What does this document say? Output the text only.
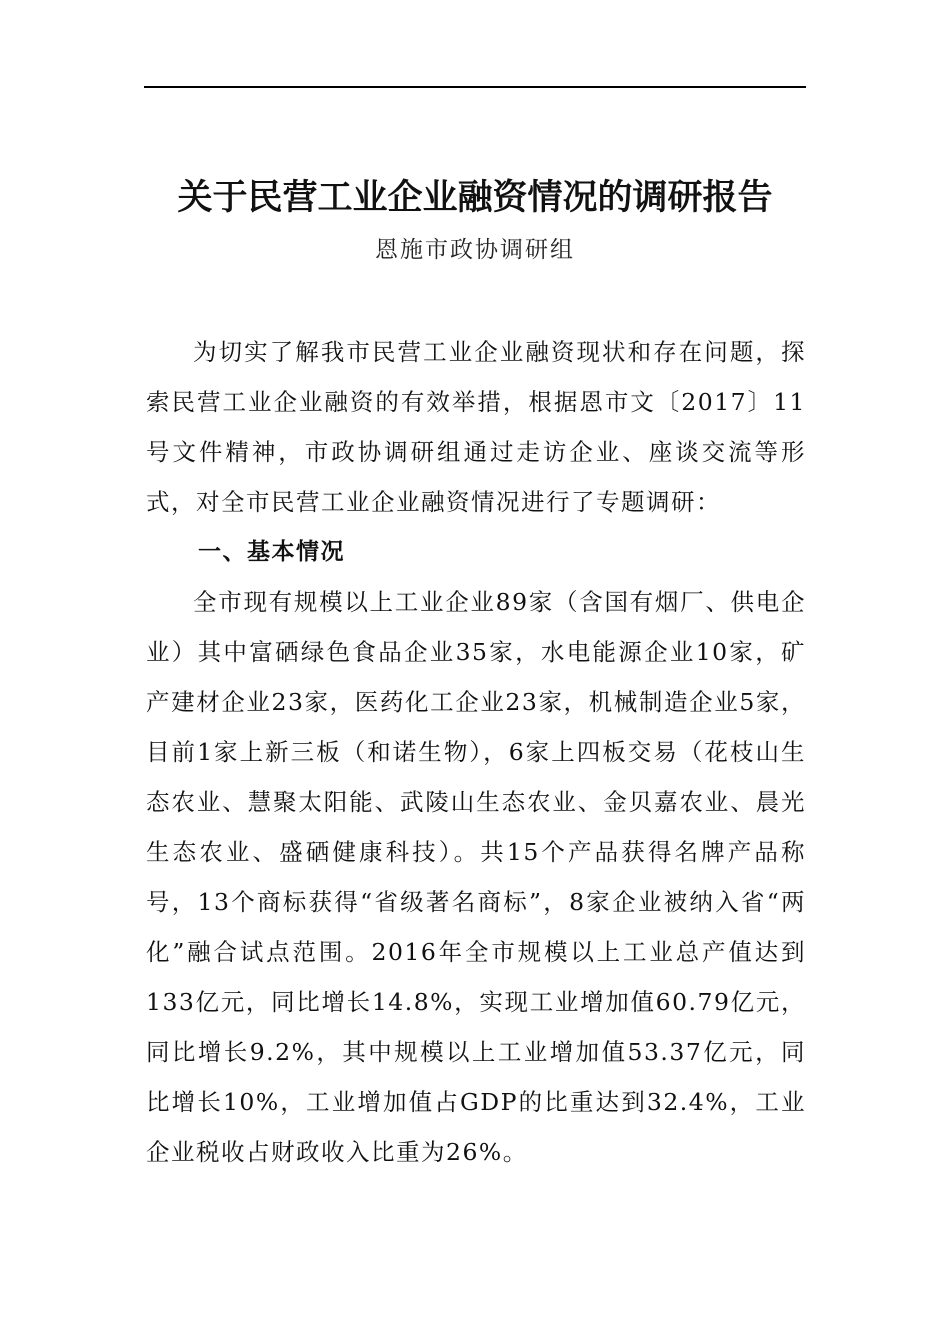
关于民营工业企业融资情况的调研报告
恩施市政协调研组

为切实了解我市民营工业企业融资现状和存在问题，探索民营工业企业融资的有效举措，根据恩市文〔2017〕11号文件精神，市政协调研组通过走访企业、座谈交流等形式，对全市民营工业企业融资情况进行了专题调研：

一、基本情况

全市现有规模以上工业企业89家（含国有烟厂、供电企业）其中富硒绿色食品企业35家，水电能源企业10家，矿产建材企业23家，医药化工企业23家，机械制造企业5家，目前1家上新三板（和诺生物），6家上四板交易（花枝山生态农业、慧聚太阳能、武陵山生态农业、金贝嘉农业、晨光生态农业、盛硒健康科技）。共15个产品获得名牌产品称号，13个商标获得“省级著名商标”，8家企业被纳入省“两化”融合试点范围。2016年全市规模以上工业总产值达到133亿元，同比增长14.8%，实现工业增加值60.79亿元，同比增长9.2%，其中规模以上工业增加值53.37亿元，同比增长10%，工业增加值占GDP的比重达到32.4%，工业企业税收占财政收入比重为26%。
